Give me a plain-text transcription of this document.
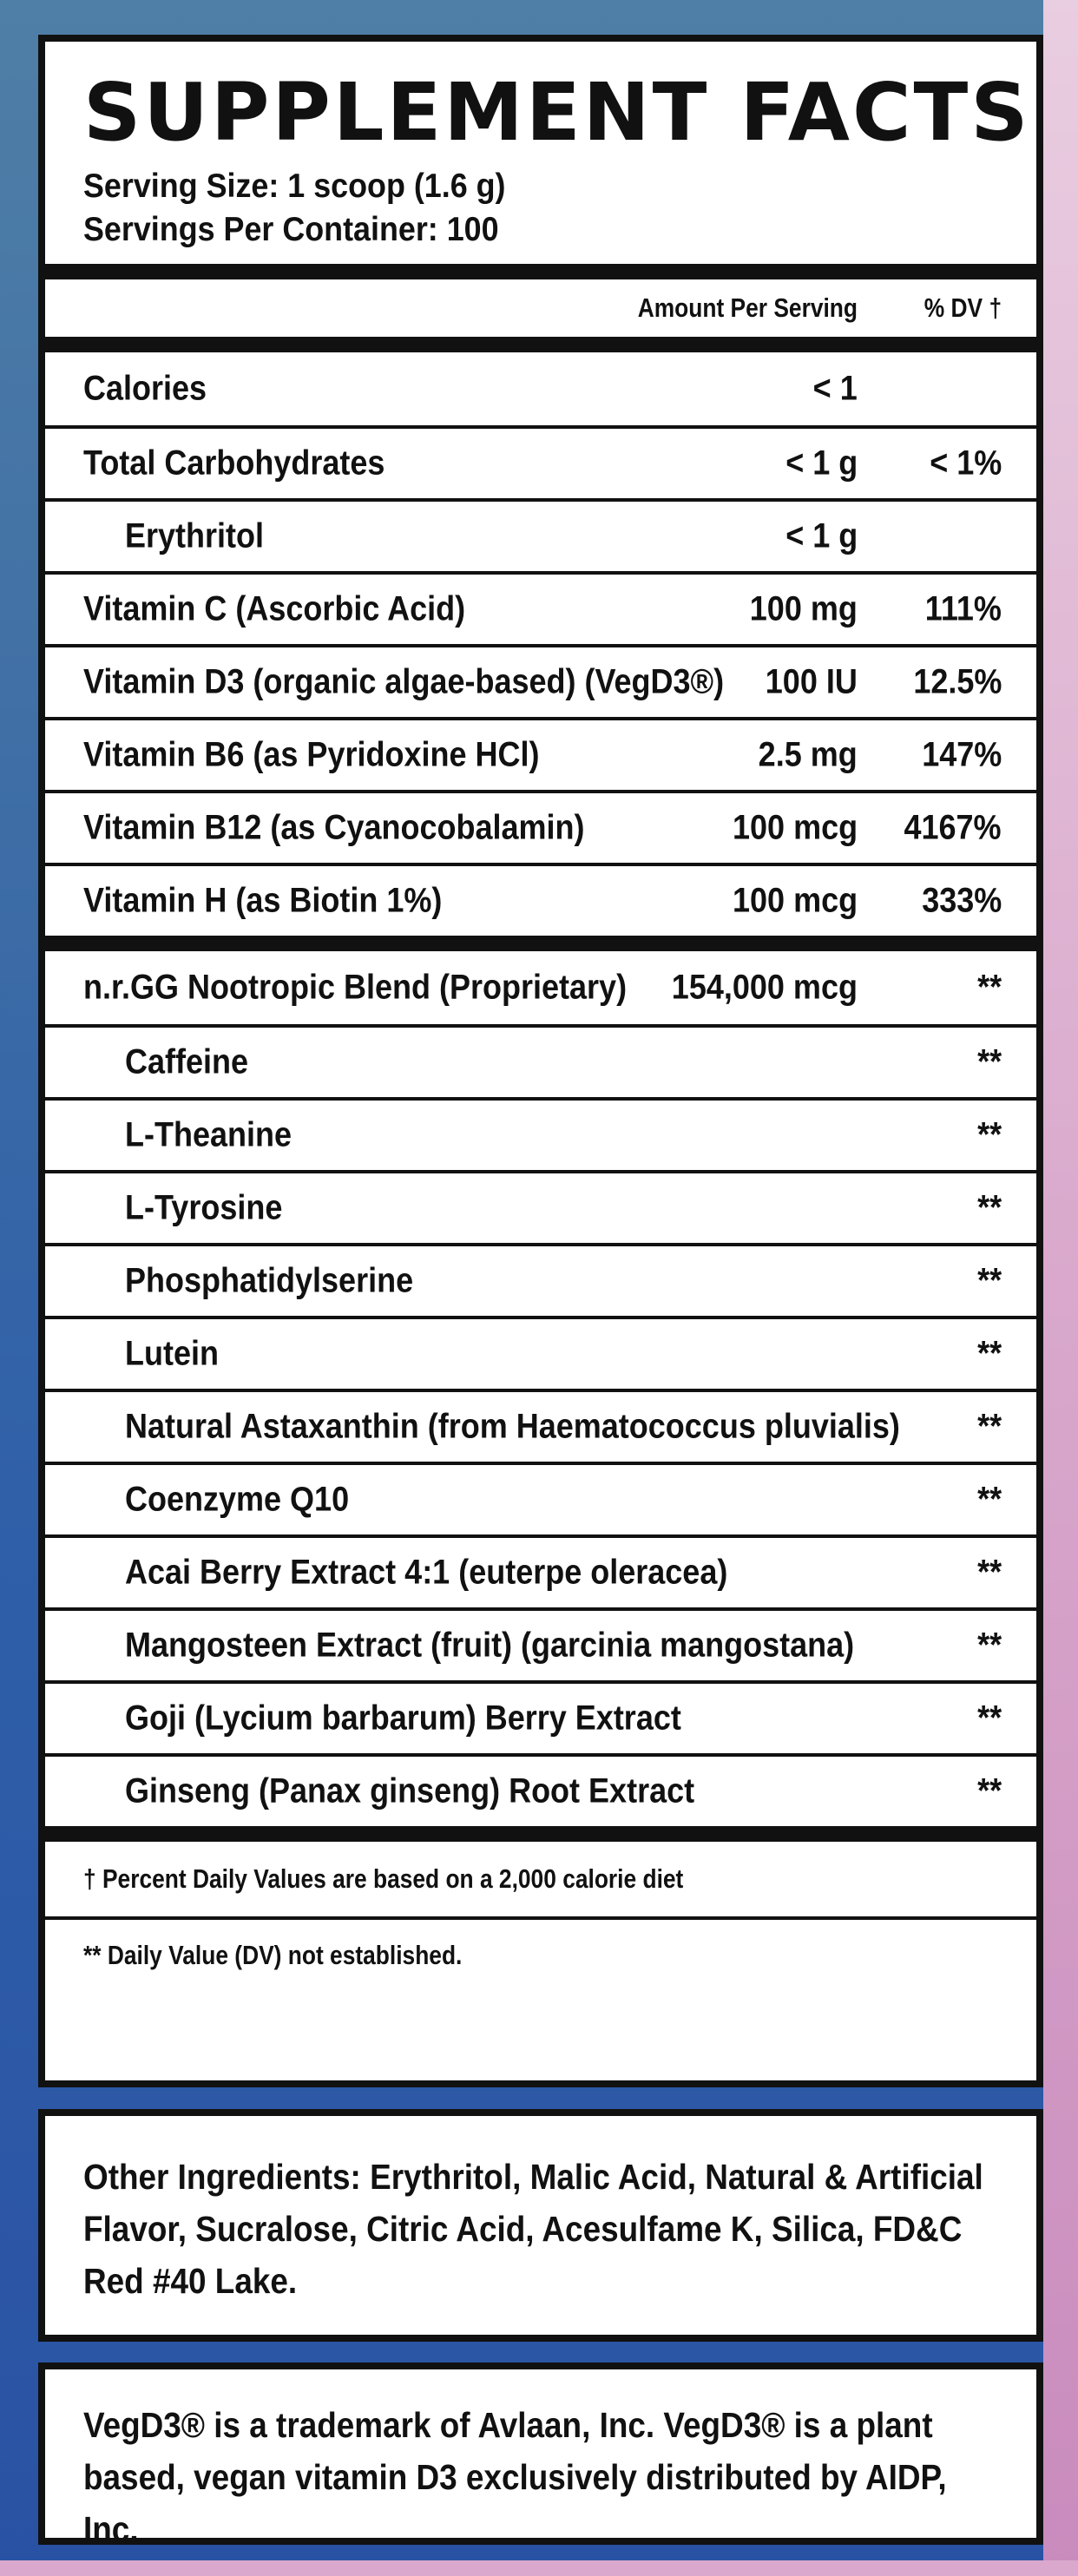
SUPPLEMENT FACTS
Serving Size: 1 scoop (1.6 g)
Servings Per Container: 100
Amount Per Serving % DV †
Calories	< 1
Total Carbohydrates	< 1 g < 1%
Erythritol	< 1 g
Vitamin C (Ascorbic Acid)	100 mg 111%
Vitamin D3 (organic algae-based) (VegD3®) 100 IU 12.5%
Vitamin B6 (as Pyridoxine HCl)	2.5 mg 147%
Vitamin B12 (as Cyanocobalamin)	100 mcg 4167%
Vitamin H (as Biotin 1%)	100 mcg 333%
n.r.GG Nootropic Blend (Proprietary) 154,000 mcg	**
Caffeine	**
L-Theanine	**
L-Tyrosine	**
Phosphatidylserine	**
Lutein	**
Natural Astaxanthin (from Haematococcus pluvialis) **
Coenzyme Q10	**
Acai Berry Extract 4:1 (euterpe oleracea)	**
Mangosteen Extract (fruit) (garcinia mangostana)	**
Goji (Lycium barbarum) Berry Extract	**
Ginseng (Panax ginseng) Root Extract	**
† Percent Daily Values are based on a 2,000 calorie diet
** Daily Value (DV) not established.
Other Ingredients: Erythritol, Malic Acid, Natural & Artificial Flavor, Sucralose, Citric Acid, Acesulfame K, Silica, FD&C Red #40 Lake.
VegD3® is a trademark of Avlaan, Inc. VegD3® is a plant based, vegan vitamin D3 exclusively distributed by AIDP, Inc.
